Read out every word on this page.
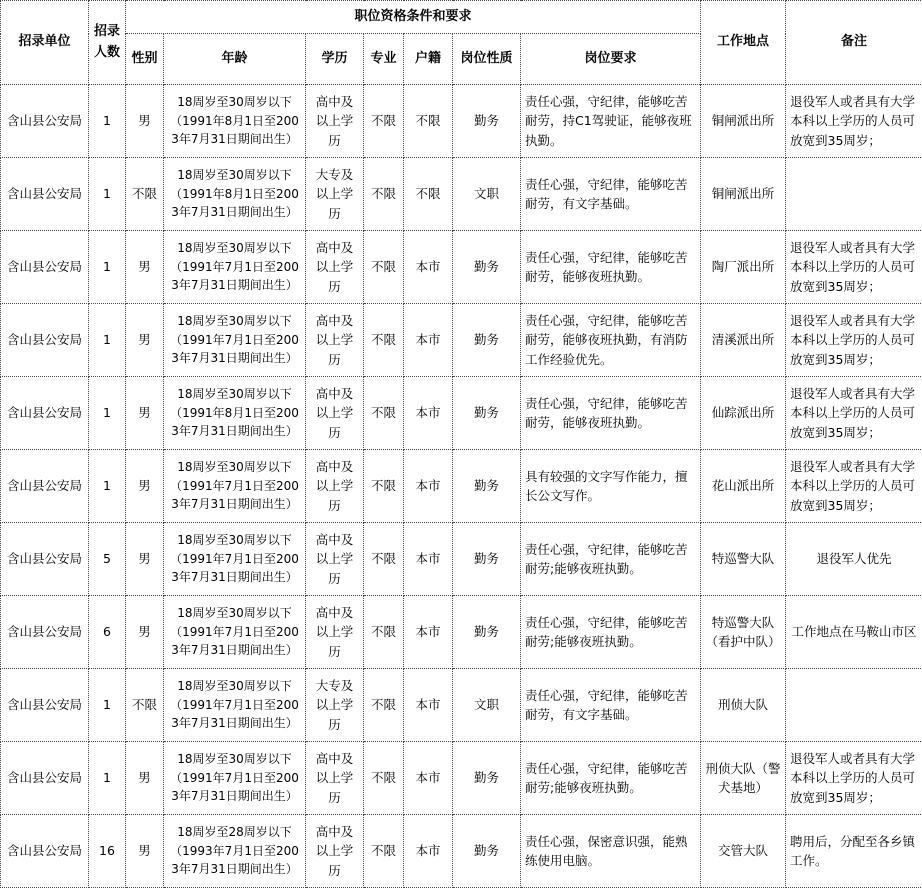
招录单位	招录人数	职位资格条件和要求							工作地点	备注
		性别	年龄	学历	专业	户籍	岗位性质	岗位要求		
含山县公安局	1	男	18周岁至30周岁以下（1991年8月1日至2003年7月31日期间出生）	高中及以上学历	不限	不限	勤务	责任心强，守纪律，能够吃苦耐劳，持C1驾驶证，能够夜班执勤。	铜闸派出所	退役军人或者具有大学本科以上学历的人员可放宽到35周岁；
含山县公安局	1	不限	18周岁至30周岁以下（1991年8月1日至2003年7月31日期间出生）	大专及以上学历	不限	不限	文职	责任心强，守纪律，能够吃苦耐劳，有文字基础。	铜闸派出所	
含山县公安局	1	男	18周岁至30周岁以下（1991年7月1日至2003年7月31日期间出生）	高中及以上学历	不限	本市	勤务	责任心强，守纪律，能够吃苦耐劳，能够夜班执勤。	陶厂派出所	退役军人或者具有大学本科以上学历的人员可放宽到35周岁；
含山县公安局	1	男	18周岁至30周岁以下（1991年7月1日至2003年7月31日期间出生）	高中及以上学历	不限	本市	勤务	责任心强，守纪律，能够吃苦耐劳，能够夜班执勤，有消防工作经验优先。	清溪派出所	退役军人或者具有大学本科以上学历的人员可放宽到35周岁；
含山县公安局	1	男	18周岁至30周岁以下（1991年8月1日至2003年7月31日期间出生）	高中及以上学历	不限	本市	勤务	责任心强，守纪律，能够吃苦耐劳，能够夜班执勤。	仙踪派出所	退役军人或者具有大学本科以上学历的人员可放宽到35周岁；
含山县公安局	1	男	18周岁至30周岁以下（1991年7月1日至2003年7月31日期间出生）	高中及以上学历	不限	本市	勤务	具有较强的文字写作能力，擅长公文写作。	花山派出所	退役军人或者具有大学本科以上学历的人员可放宽到35周岁；
含山县公安局	5	男	18周岁至30周岁以下（1991年7月1日至2003年7月31日期间出生）	高中及以上学历	不限	本市	勤务	责任心强，守纪律，能够吃苦耐劳;能够夜班执勤。	特巡警大队	退役军人优先
含山县公安局	6	男	18周岁至30周岁以下（1991年7月1日至2003年7月31日期间出生）	高中及以上学历	不限	本市	勤务	责任心强，守纪律，能够吃苦耐劳;能够夜班执勤。	特巡警大队（看护中队）	工作地点在马鞍山市区
含山县公安局	1	不限	18周岁至30周岁以下（1991年7月1日至2003年7月31日期间出生）	大专及以上学历	不限	本市	文职	责任心强，守纪律，能够吃苦耐劳，有文字基础。	刑侦大队	
含山县公安局	1	男	18周岁至30周岁以下（1991年7月1日至2003年7月31日期间出生）	高中及以上学历	不限	本市	勤务	责任心强，守纪律，能够吃苦耐劳;能够夜班执勤。	刑侦大队（警犬基地）	退役军人或者具有大学本科以上学历的人员可放宽到35周岁；
含山县公安局	16	男	18周岁至28周岁以下（1993年7月1日至2003年7月31日期间出生）	高中及以上学历	不限	本市	勤务	责任心强，保密意识强，能熟练使用电脑。	交管大队	聘用后，分配至各乡镇工作。
